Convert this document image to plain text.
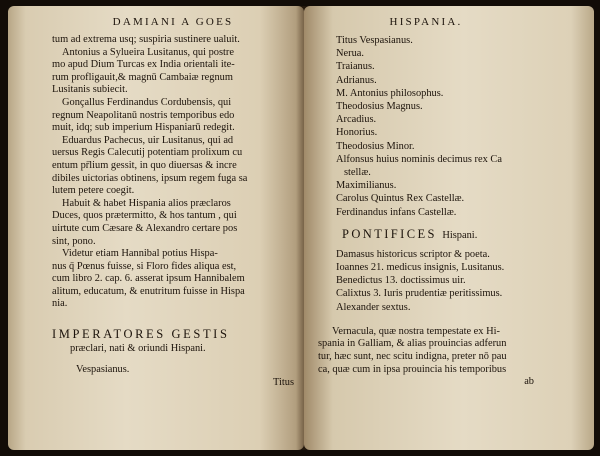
DAMIANI A GOES
tum ad extrema usq; suspiria sustinere ualuit.
Antonius a Sylueira Lusitanus, qui postre
mo apud Dium Turcas ex India orientali ite-
rum profligauit,& magnū Cambaiæ regnum
Lusitanis subiecit.
Gonçallus Ferdinandus Cordubensis, qui
regnum Neapolitanū nostris temporibus edo
muit, idq; sub imperium Hispaniarū redegit.
Eduardus Pachecus, uir Lusitanus, qui ad
uersus Regis Calecutij potentiam prolixum cu
entum pr̄lium gessit, in quo diuersas & incre
dibiles uictorias obtinens, ipsum regem fuga sa
lutem petere coegit.
Habuit & habet Hispania alios præclaros
Duces, quos prætermitto, & hos tantum , qui
uirtute cum Cæsare & Alexandro certare pos
sint, pono.
Videtur etiam Hannibal potius Hispa-
nus q̄ Pœnus fuisse, si Floro fides aliqua est,
cum libro 2. cap. 6. asserat ipsum Hannibalem
alitum, educatum, & enutritum fuisse in Hispa
nia.
IMPERATORES GESTIS
præclari, nati & oriundi Hispani.
Vespasianus.
Titus
HISPANIA.
Titus Vespasianus.
Nerua.
Traianus.
Adrianus.
M. Antonius philosophus.
Theodosius Magnus.
Arcadius.
Honorius.
Theodosius Minor.
Alfonsus huius nominis decimus rex Ca
stellæ.
Maximilianus.
Carolus Quintus Rex Castellæ.
Ferdinandus infans Castellæ.
PONTIFICES Hispani.
Damasus historicus scriptor & poeta.
Ioannes 21. medicus insignis, Lusitanus.
Benedictus 13. doctissimus uir.
Calixtus 3. Iuris prudentiæ peritissimus.
Alexander sextus.
Vernacula, quæ nostra tempestate ex Hi-
spania in Galliam, & alias prouincias adferun
tur, hæc sunt, nec scitu indigna, preter nō pau
ca, quæ cum in ipsa prouincia his temporibus
ab
